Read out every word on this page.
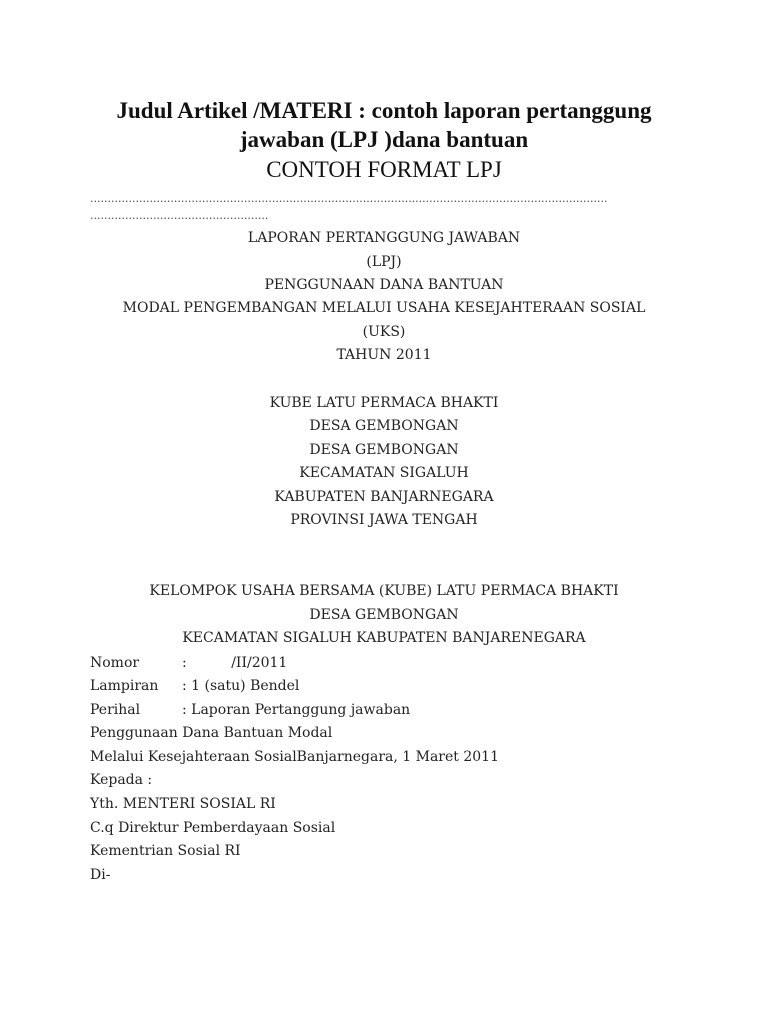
Judul Artikel /MATERI : contoh laporan pertanggung
jawaban (LPJ )dana bantuan
CONTOH FORMAT LPJ
....................................................................................................................................................
...................................................
LAPORAN PERTANGGUNG JAWABAN
(LPJ)
PENGGUNAAN DANA BANTUAN
MODAL PENGEMBANGAN MELALUI USAHA KESEJAHTERAAN SOSIAL
(UKS)
TAHUN 2011
KUBE LATU PERMACA BHAKTI
DESA GEMBONGAN
DESA GEMBONGAN
KECAMATAN SIGALUH
KABUPATEN BANJARNEGARA
PROVINSI JAWA TENGAH
KELOMPOK USAHA BERSAMA (KUBE) LATU PERMACA BHAKTI
DESA GEMBONGAN
KECAMATAN SIGALUH KABUPATEN BANJARENEGARA
Nomor	:          /II/2011
Lampiran : 1 (satu) Bendel
Perihal	: Laporan Pertanggung jawaban
Penggunaan Dana Bantuan Modal
Melalui Kesejahteraan SosialBanjarnegara, 1 Maret 2011
Kepada :
Yth. MENTERI SOSIAL RI
C.q Direktur Pemberdayaan Sosial
Kementrian Sosial RI
Di-
